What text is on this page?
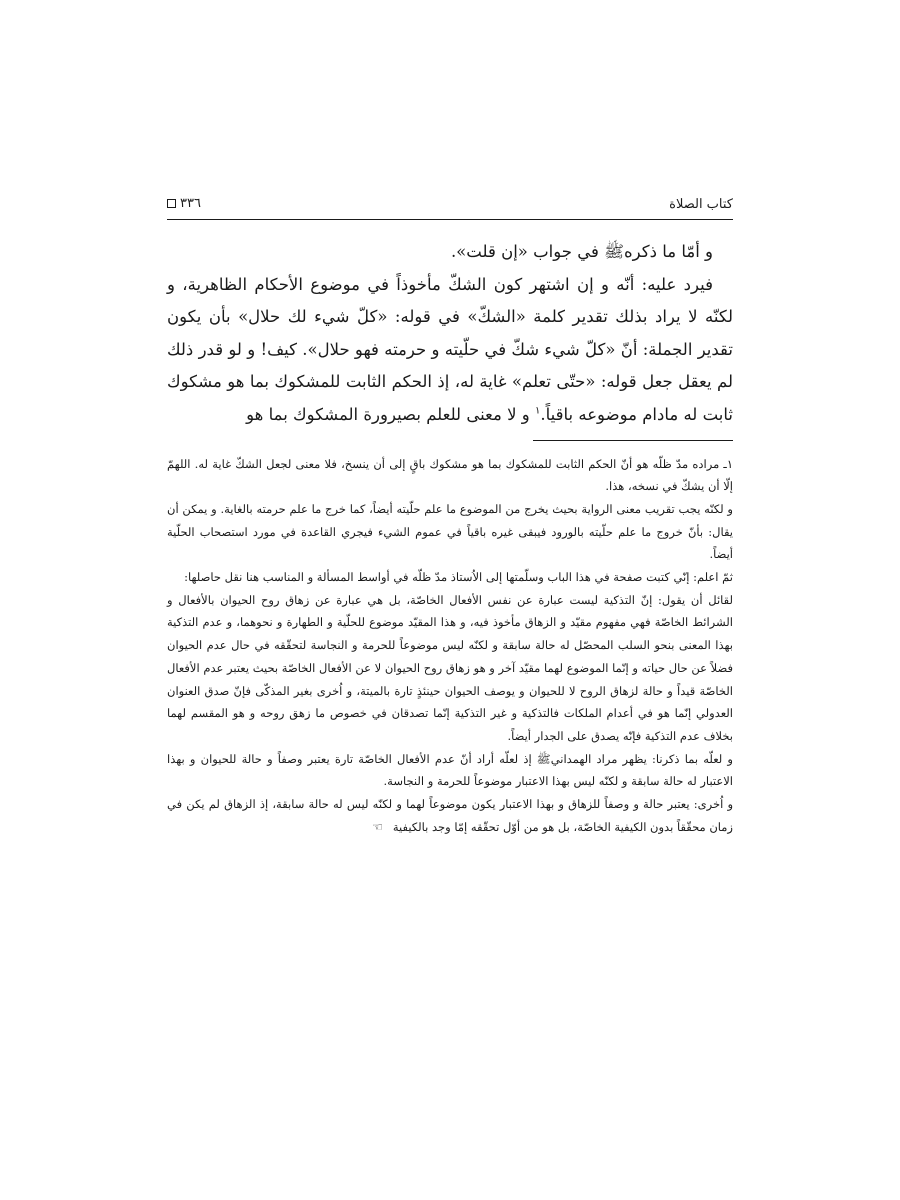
كتاب الصلاة
٣٣٦

و أمّا ما ذكره‌ﷺ في جواب «إن قلت».

فيرد عليه: أنّه و إن اشتهر كون الشكّ مأخوذاً في موضوع الأحكام الظاهرية، و لكنّه لا يراد بذلك تقدير كلمة «الشكّ» في قوله: «كلّ شيء لك حلال» بأن يكون تقدير الجملة: أنّ «كلّ شيء شكّ في حلّيته و حرمته فهو حلال». كيف! و لو قدر ذلك لم يعقل جعل قوله: «حتّى تعلم» غاية له، إذ الحكم الثابت للمشكوك بما هو مشكوك ثابت له مادام موضوعه باقياً.$^١$ و لا معنى للعلم بصيرورة المشكوك بما هو

١ـ مراده مدّ ظلّه هو أنّ الحكم الثابت للمشكوك بما هو مشكوك باقٍ إلى أن ينسخ، فلا معنى لجعل الشكّ غاية له. اللهمّ إلّا أن يشكّ في نسخه، هذا.

و لكنّه يجب تقريب معنى الرواية بحيث يخرج من الموضوع ما علم حلّيته أيضاً، كما خرج ما علم حرمته بالغاية. و يمكن أن يقال: بأنّ خروج ما علم حلّيته بالورود فيبقى غيره باقياً في عموم الشيء فيجري القاعدة في مورد استصحاب الحلّية أيضاً.

ثمّ اعلم: إنّي كتبت صفحة في هذا الباب وسلّمتها إلى الاُستاذ مدّ ظلّه في أواسط المسألة و المناسب هنا نقل حاصلها:

لقائل أن يقول: إنّ التذكية ليست عبارة عن نفس الأفعال الخاصّة، بل هي عبارة عن زهاق روح الحيوان بالأفعال و الشرائط الخاصّة فهي مفهوم مقيّد و الزهاق مأخوذ فيه، و هذا المقيّد موضوع للحلّية و الطهارة و نحوهما، و عدم التذكية بهذا المعنى بنحو السلب المحصّل له حالة سابقة و لكنّه ليس موضوعاً للحرمة و النجاسة لتحقّقه في حال عدم الحيوان فضلاً عن حال حياته و إنّما الموضوع لهما مقيّد آخر و هو زهاق روح الحيوان لا عن الأفعال الخاصّة بحيث يعتبر عدم الأفعال الخاصّة قيداً و حالة لزهاق الروح لا للحيوان و يوصف الحيوان حينئذٍ تارة بالميتة، و اُخرى بغير المذكّى فإنّ صدق العنوان العدولي إنّما هو في أعدام الملكات فالتذكية و غير التذكية إنّما تصدقان في خصوص ما زهق روحه و هو المقسم لهما بخلاف عدم التذكية فإنّه يصدق على الجدار أيضاً.

و لعلّه بما ذكرنا: يظهر مراد الهمداني‌ﷺ إذ لعلّه أراد أنّ عدم الأفعال الخاصّة تارة يعتبر وصفاً و حالة للحيوان و بهذا الاعتبار له حالة سابقة و لكنّه ليس بهذا الاعتبار موضوعاً للحرمة و النجاسة.

و اُخرى: يعتبر حالة و وصفاً للزهاق و بهذا الاعتبار يكون موضوعاً لهما و لكنّه ليس له حالة سابقة، إذ الزهاق لم يكن في زمان محقّقاً بدون الكيفية الخاصّة، بل هو من أوّل تحقّقه إمّا وجد بالكيفية☜
